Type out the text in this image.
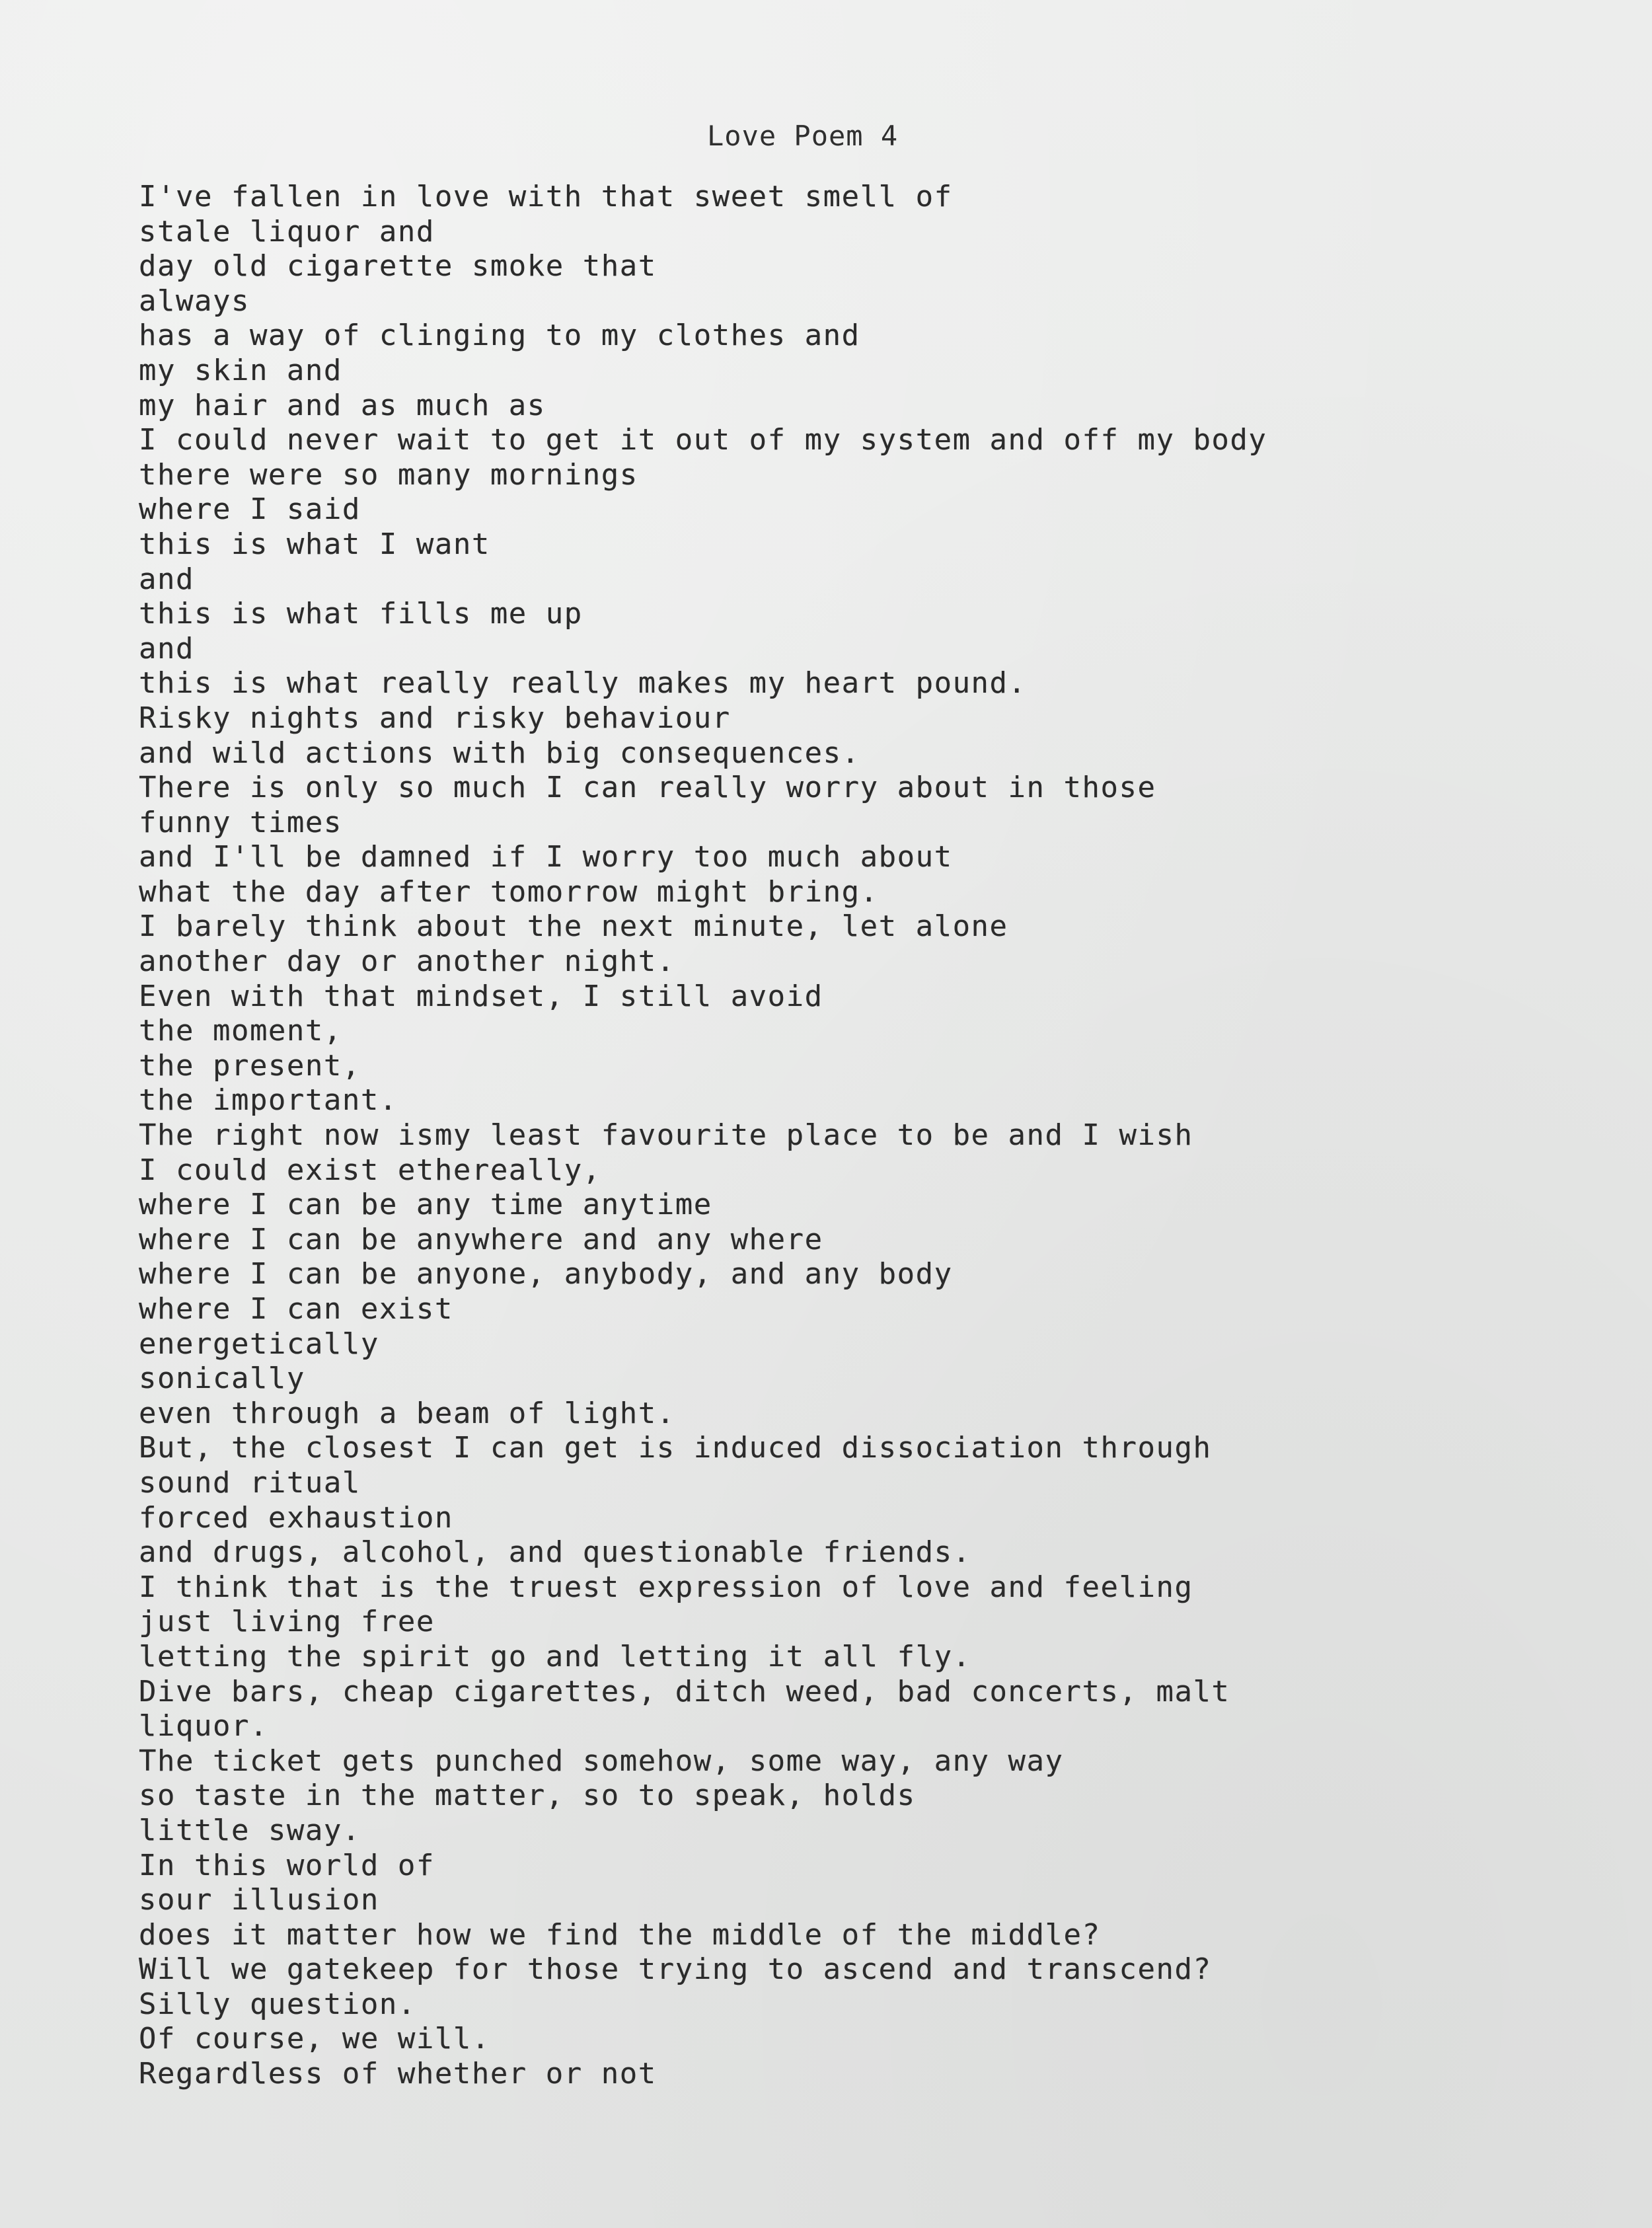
Love Poem 4
I've fallen in love with that sweet smell of
stale liquor and
day old cigarette smoke that
always
has a way of clinging to my clothes and
my skin and
my hair and as much as
I could never wait to get it out of my system and off my body
there were so many mornings
where I said
this is what I want
and
this is what fills me up
and
this is what really really makes my heart pound.
Risky nights and risky behaviour
and wild actions with big consequences.
There is only so much I can really worry about in those
funny times
and I'll be damned if I worry too much about
what the day after tomorrow might bring.
I barely think about the next minute, let alone
another day or another night.
Even with that mindset, I still avoid
the moment,
the present,
the important.
The right now ismy least favourite place to be and I wish
I could exist ethereally,
where I can be any time anytime
where I can be anywhere and any where
where I can be anyone, anybody, and any body
where I can exist
energetically
sonically
even through a beam of light.
But, the closest I can get is induced dissociation through
sound ritual
forced exhaustion
and drugs, alcohol, and questionable friends.
I think that is the truest expression of love and feeling
just living free
letting the spirit go and letting it all fly.
Dive bars, cheap cigarettes, ditch weed, bad concerts, malt
liquor.
The ticket gets punched somehow, some way, any way
so taste in the matter, so to speak, holds
little sway.
In this world of
sour illusion
does it matter how we find the middle of the middle?
Will we gatekeep for those trying to ascend and transcend?
Silly question.
Of course, we will.
Regardless of whether or not
